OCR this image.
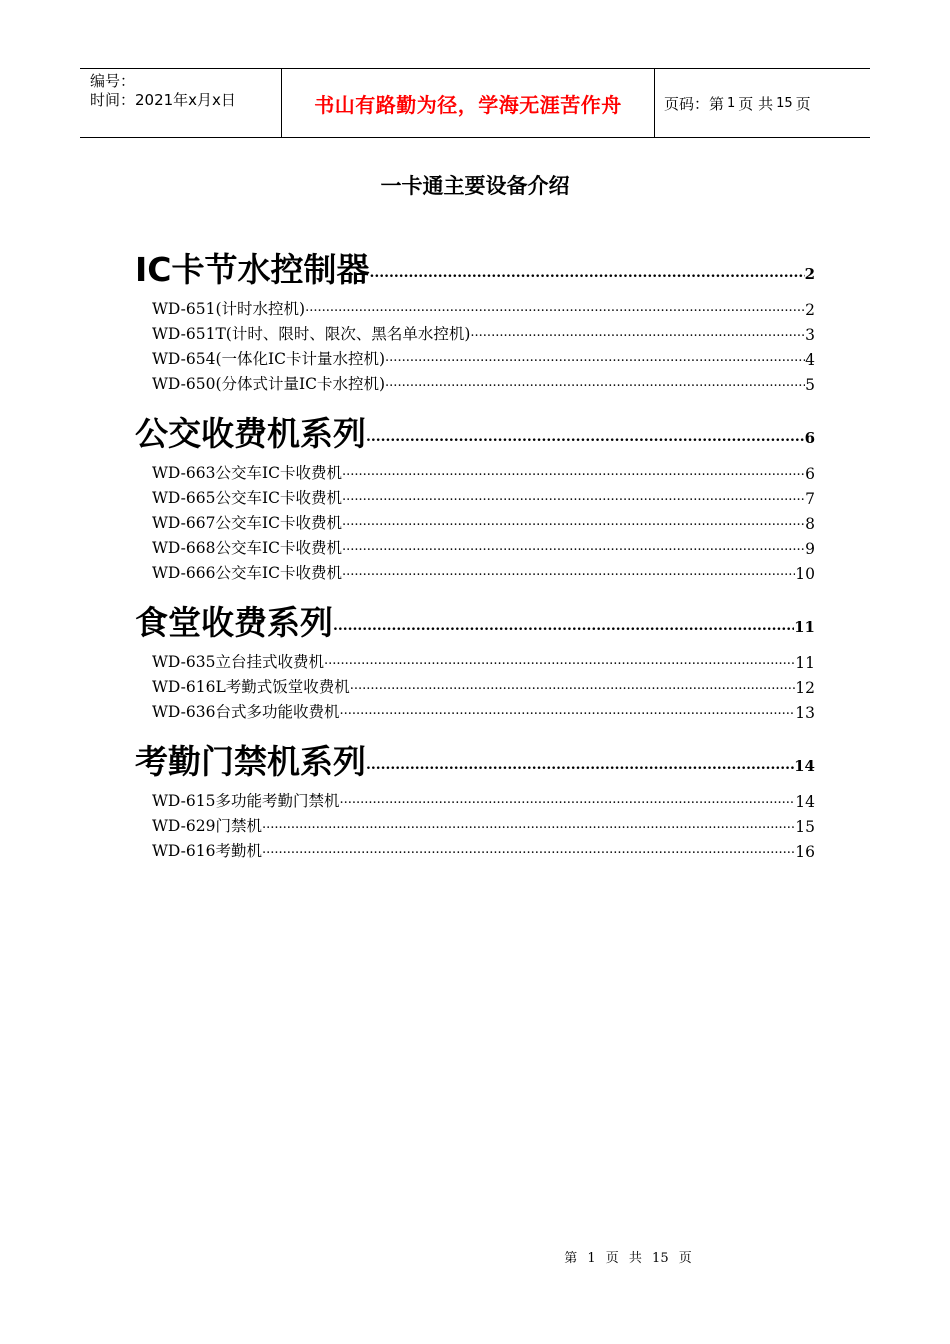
编号：
时间：2021年x月x日	书山有路勤为径，学海无涯苦作舟	页码：第 1 页 共 15 页
一卡通主要设备介绍
IC卡节水控制器 .....	2
WD-651(计时水控机) .....	2
WD-651T(计时、限时、限次、黑名单水控机) .....	3
WD-654(一体化IC卡计量水控机) .....	4
WD-650(分体式计量IC卡水控机) .....	5
公交收费机系列 .....	6
WD-663公交车IC卡收费机 .....	6
WD-665公交车IC卡收费机 .....	7
WD-667公交车IC卡收费机 .....	8
WD-668公交车IC卡收费机 .....	9
WD-666公交车IC卡收费机 .....	10
食堂收费系列 .....	11
WD-635立台挂式收费机 .....	11
WD-616L考勤式饭堂收费机 .....	12
WD-636台式多功能收费机 .....	13
考勤门禁机系列 .....	14
WD-615多功能考勤门禁机 .....	14
WD-629门禁机 .....	15
WD-616考勤机 .....	16
第 1 页 共 15 页
